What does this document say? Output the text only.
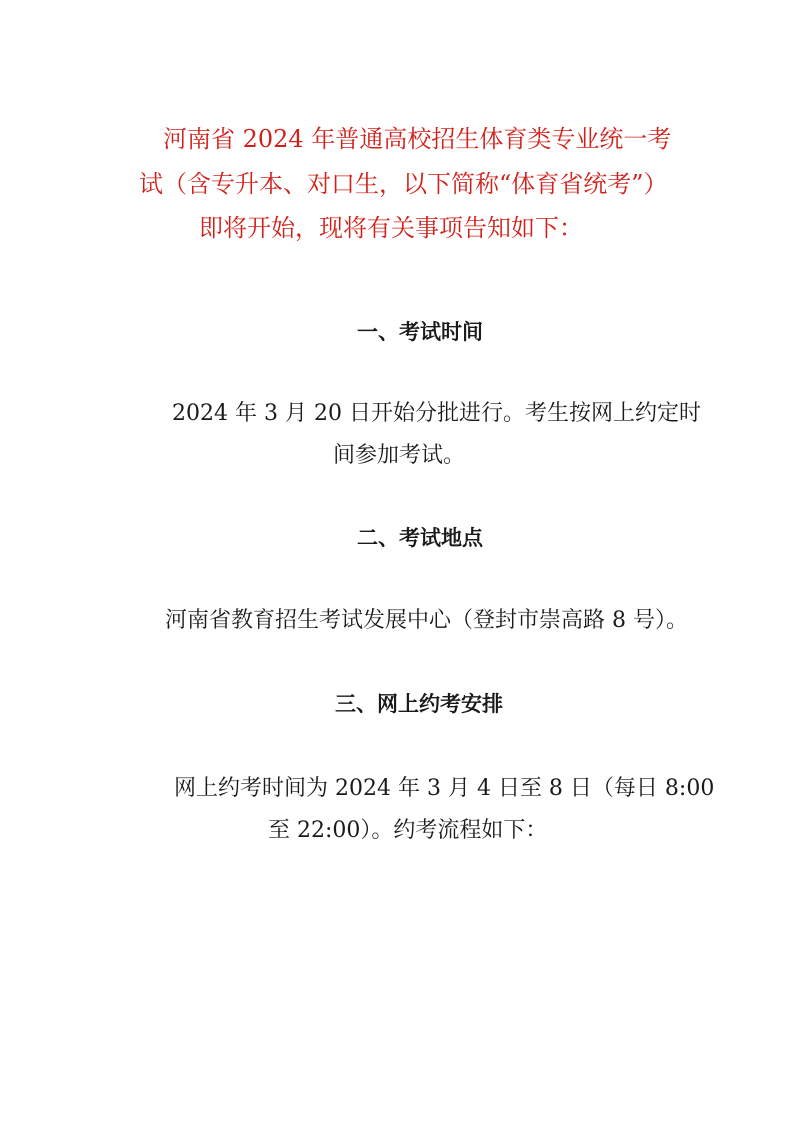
河南省 2024 年普通高校招生体育类专业统一考
试（含专升本、对口生，以下简称“体育省统考”）
即将开始，现将有关事项告知如下：
一、考试时间
2024 年 3 月 20 日开始分批进行。考生按网上约定时
间参加考试。
二、考试地点
河南省教育招生考试发展中心（登封市崇高路 8 号）。
三、网上约考安排
网上约考时间为 2024 年 3 月 4 日至 8 日（每日 8:00
至 22:00）。约考流程如下：
